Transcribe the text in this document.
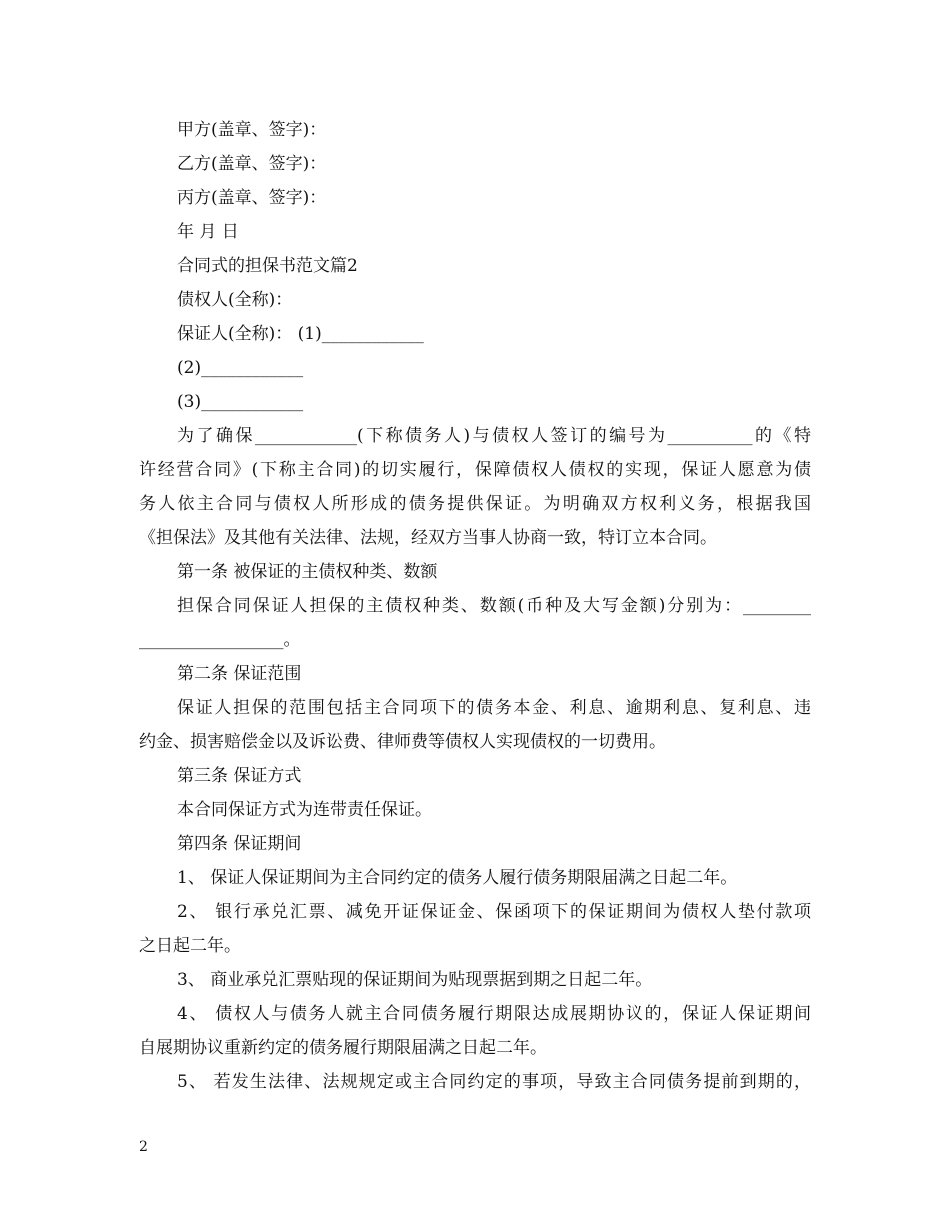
甲方(盖章、签字)：
乙方(盖章、签字)：
丙方(盖章、签字)：
年 月 日
合同式的担保书范文篇2
债权人(全称)：
保证人(全称)： (1)____________
(2)____________
(3)____________
为了确保____________(下称债务人)与债权人签订的编号为__________的《特
许经营合同》(下称主合同)的切实履行，保障债权人债权的实现，保证人愿意为债
务人依主合同与债权人所形成的债务提供保证。为明确双方权利义务，根据我国
《担保法》及其他有关法律、法规，经双方当事人协商一致，特订立本合同。
第一条 被保证的主债权种类、数额
担保合同保证人担保的主债权种类、数额(币种及大写金额)分别为：________
_________________。
第二条 保证范围
保证人担保的范围包括主合同项下的债务本金、利息、逾期利息、复利息、违
约金、损害赔偿金以及诉讼费、律师费等债权人实现债权的一切费用。
第三条 保证方式
本合同保证方式为连带责任保证。
第四条 保证期间
1、 保证人保证期间为主合同约定的债务人履行债务期限届满之日起二年。
2、 银行承兑汇票、减免开证保证金、保函项下的保证期间为债权人垫付款项
之日起二年。
3、 商业承兑汇票贴现的保证期间为贴现票据到期之日起二年。
4、 债权人与债务人就主合同债务履行期限达成展期协议的，保证人保证期间
自展期协议重新约定的债务履行期限届满之日起二年。
5、 若发生法律、法规规定或主合同约定的事项，导致主合同债务提前到期的，
2
